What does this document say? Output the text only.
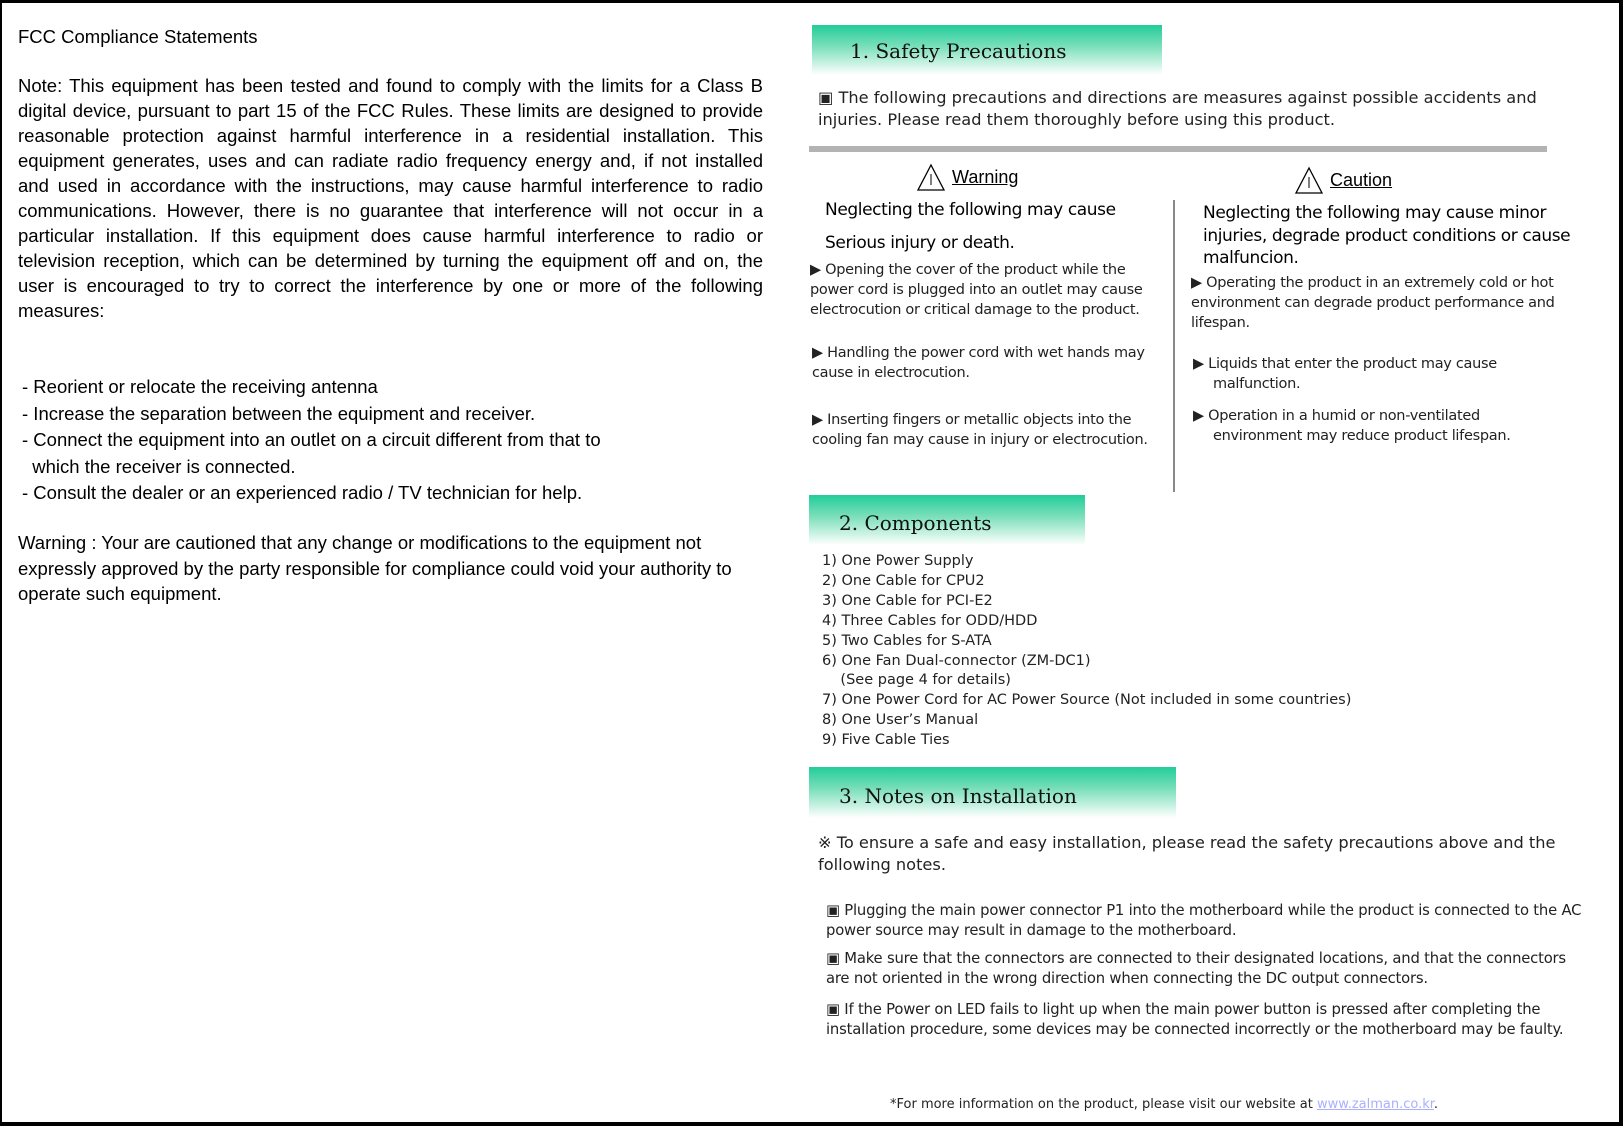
FCC Compliance Statements
Note: This equipment has been tested and found to comply with the limits for a Class B digital device, pursuant to part 15 of the FCC Rules. These limits are designed to provide reasonable protection against harmful interference in a residential installation. This equipment generates, uses and can radiate radio frequency energy and, if not installed and used in accordance with the instructions, may cause harmful interference to radio communications. However, there is no guarantee that interference will not occur in a particular installation. If this equipment does cause harmful interference to radio or television reception, which can be determined by turning the equipment off and on, the user is encouraged to try to correct the interference by one or more of the following measures:
- Reorient or relocate the receiving antenna
- Increase the separation between the equipment and receiver.
- Connect the equipment into an outlet on a circuit different from that to
which the receiver is connected.
- Consult the dealer or an experienced radio / TV technician for help.
Warning : Your are cautioned that any change or modifications to the equipment not expressly approved by the party responsible for compliance could void your authority to operate such equipment.
1. Safety Precautions
▣ The following precautions and directions are measures against possible accidents and injuries. Please read them thoroughly before using this product.
Warning	Caution
Neglecting the following may cause
Serious injury or death.
▶ Opening the cover of the product while the power cord is plugged into an outlet may cause electrocution or critical damage to the product.
▶ Handling the power cord with wet hands may cause in electrocution.
▶ Inserting fingers or metallic objects into the cooling fan may cause in injury or electrocution.
Neglecting the following may cause minor injuries, degrade product conditions or cause malfuncion.
▶ Operating the product in an extremely cold or hot environment can degrade product performance and lifespan.
▶ Liquids that enter the product may cause malfunction.
▶ Operation in a humid or non-ventilated environment may reduce product lifespan.
2. Components
1) One Power Supply
2) One Cable for CPU2
3) One Cable for PCI-E2
4) Three Cables for ODD/HDD
5) Two Cables for S-ATA
6) One Fan Dual-connector (ZM-DC1)
(See page 4 for details)
7) One Power Cord for AC Power Source (Not included in some countries)
8) One User’s Manual
9) Five Cable Ties
3. Notes on Installation
※ To ensure a safe and easy installation, please read the safety precautions above and the following notes.
▣ Plugging the main power connector P1 into the motherboard while the product is connected to the AC power source may result in damage to the motherboard.
▣ Make sure that the connectors are connected to their designated locations, and that the connectors are not oriented in the wrong direction when connecting the DC output connectors.
▣ If the Power on LED fails to light up when the main power button is pressed after completing the installation procedure, some devices may be connected incorrectly or the motherboard may be faulty.
*For more information on the product, please visit our website at www.zalman.co.kr.
